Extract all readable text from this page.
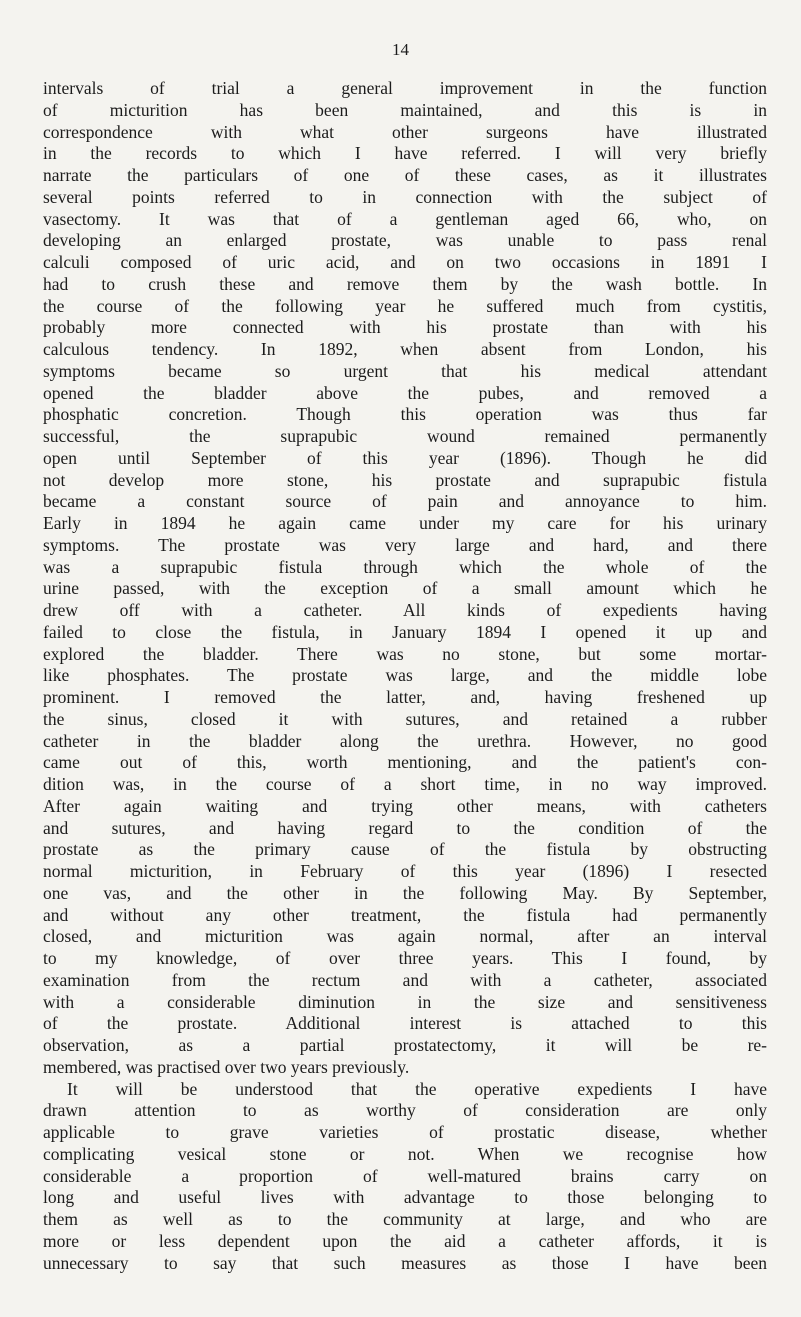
14
intervals of trial a general improvement in the function
of micturition has been maintained, and this is in
correspondence with what other surgeons have illustrated
in the records to which I have referred. I will very briefly
narrate the particulars of one of these cases, as it illustrates
several points referred to in connection with the subject of
vasectomy. It was that of a gentleman aged 66, who, on
developing an enlarged prostate, was unable to pass renal
calculi composed of uric acid, and on two occasions in 1891 I
had to crush these and remove them by the wash bottle. In
the course of the following year he suffered much from cystitis,
probably more connected with his prostate than with his
calculous tendency. In 1892, when absent from London, his
symptoms became so urgent that his medical attendant
opened the bladder above the pubes, and removed a
phosphatic concretion. Though this operation was thus far
successful, the suprapubic wound remained permanently
open until September of this year (1896). Though he did
not develop more stone, his prostate and suprapubic fistula
became a constant source of pain and annoyance to him.
Early in 1894 he again came under my care for his urinary
symptoms. The prostate was very large and hard, and there
was a suprapubic fistula through which the whole of the
urine passed, with the exception of a small amount which he
drew off with a catheter. All kinds of expedients having
failed to close the fistula, in January 1894 I opened it up and
explored the bladder. There was no stone, but some mortar-
like phosphates. The prostate was large, and the middle lobe
prominent. I removed the latter, and, having freshened up
the sinus, closed it with sutures, and retained a rubber
catheter in the bladder along the urethra. However, no good
came out of this, worth mentioning, and the patient's con-
dition was, in the course of a short time, in no way improved.
After again waiting and trying other means, with catheters
and sutures, and having regard to the condition of the
prostate as the primary cause of the fistula by obstructing
normal micturition, in February of this year (1896) I resected
one vas, and the other in the following May. By September,
and without any other treatment, the fistula had permanently
closed, and micturition was again normal, after an interval
to my knowledge, of over three years. This I found, by
examination from the rectum and with a catheter, associated
with a considerable diminution in the size and sensitiveness
of the prostate. Additional interest is attached to this
observation, as a partial prostatectomy, it will be re-
membered, was practised over two years previously.
It will be understood that the operative expedients I have
drawn attention to as worthy of consideration are only
applicable to grave varieties of prostatic disease, whether
complicating vesical stone or not. When we recognise how
considerable a proportion of well-matured brains carry on
long and useful lives with advantage to those belonging to
them as well as to the community at large, and who are
more or less dependent upon the aid a catheter affords, it is
unnecessary to say that such measures as those I have been
